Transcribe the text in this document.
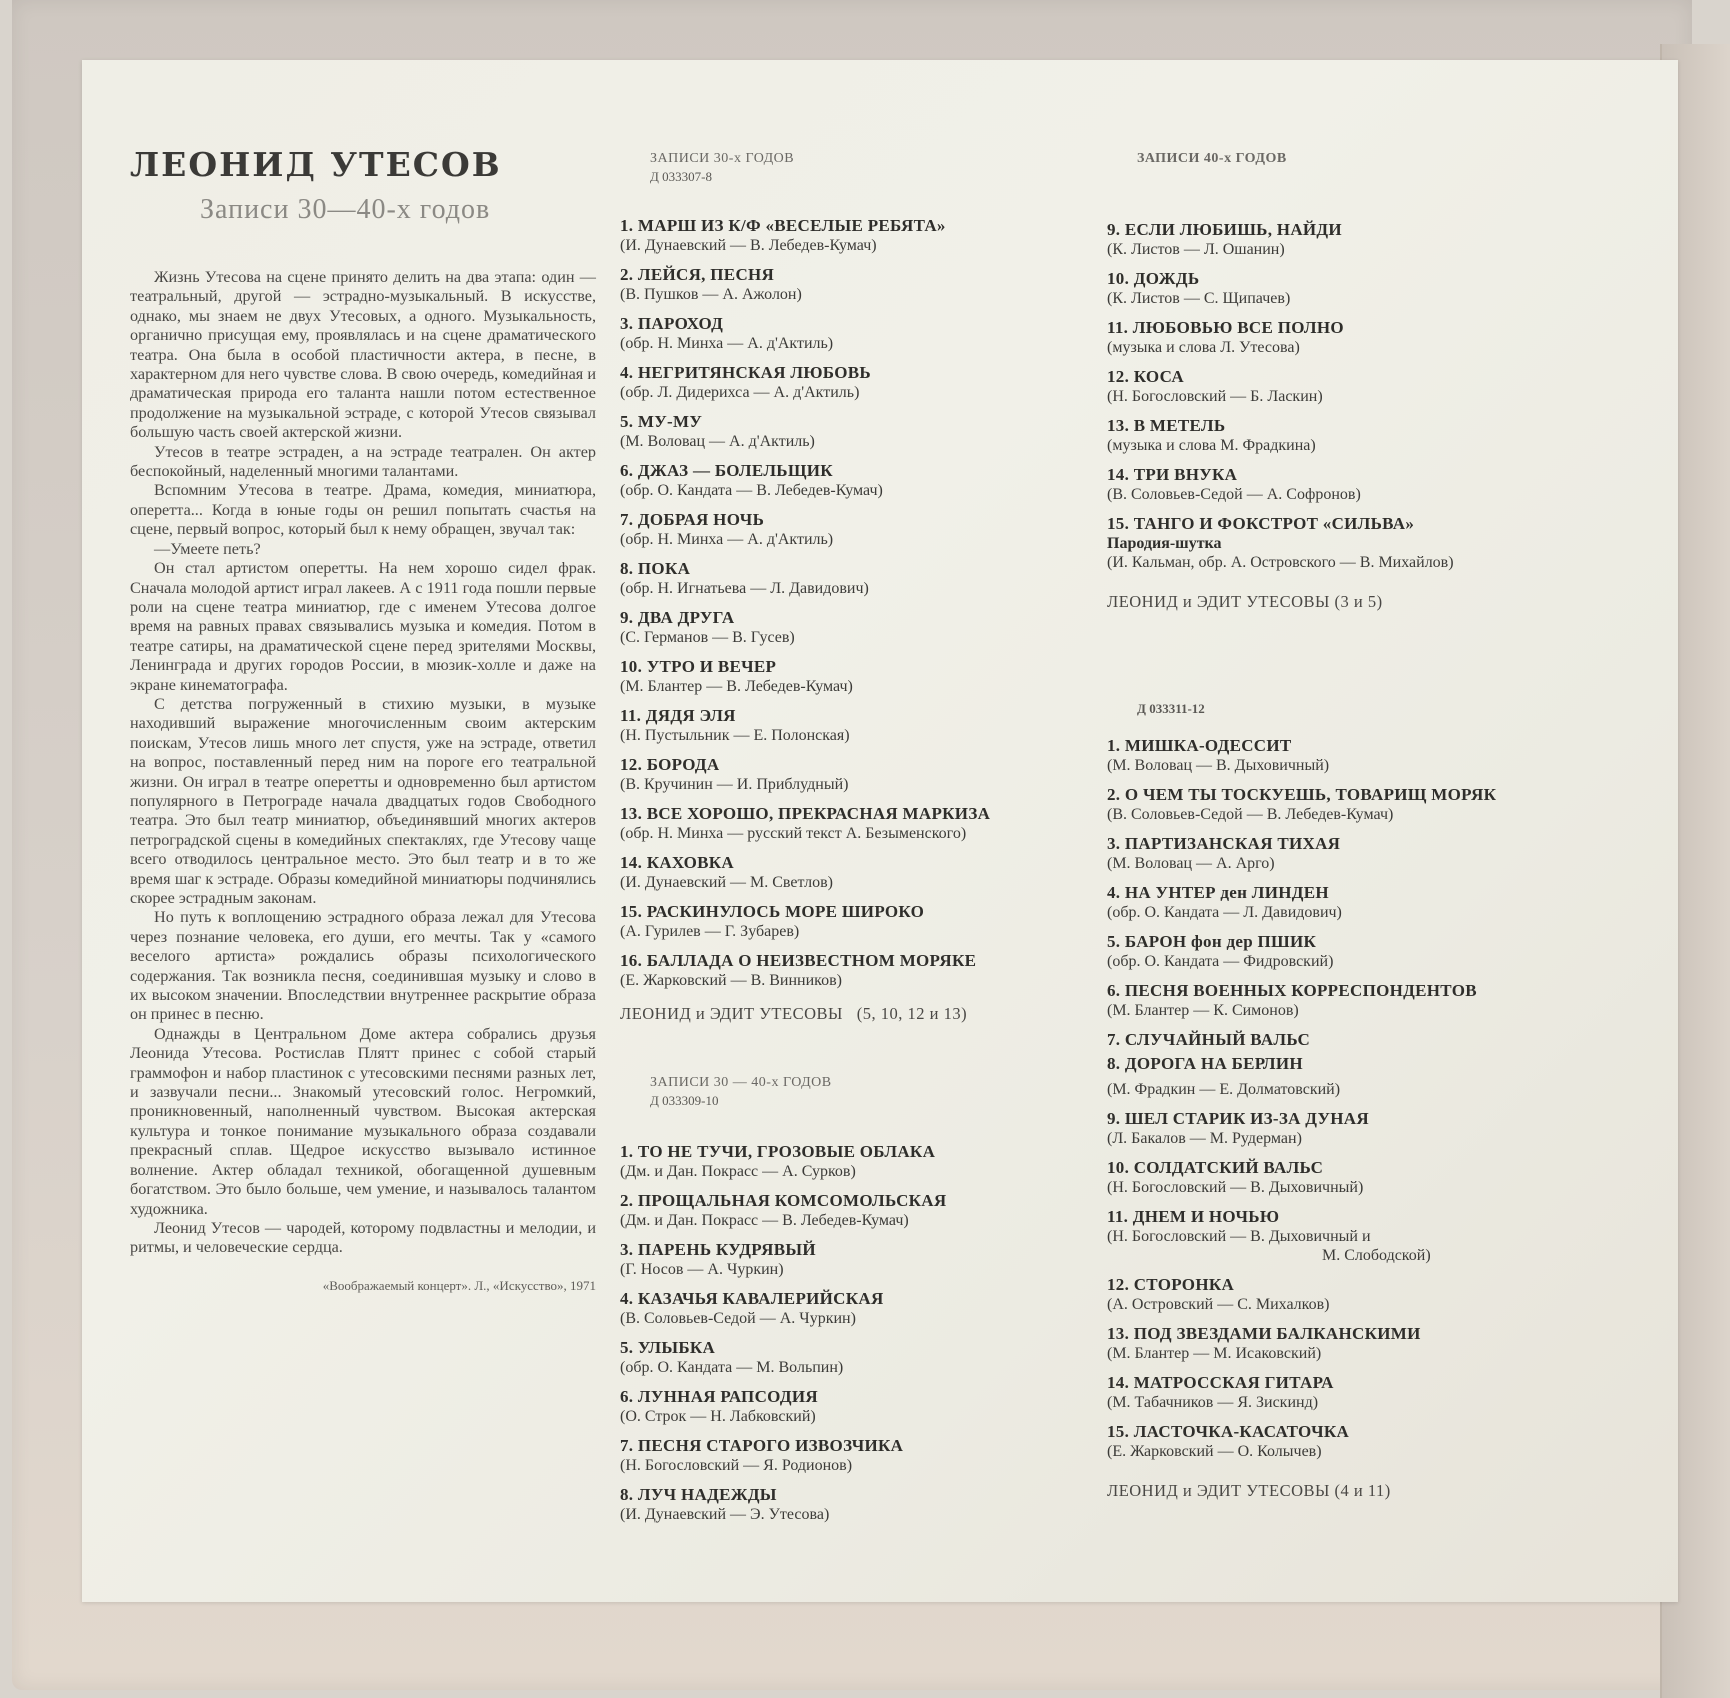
ЛЕОНИД УТЕСОВ
Записи 30—40-х годов

Жизнь Утесова на сцене принято делить на два этапа: один — театральный, другой — эстрадно-музыкальный. В искусстве, однако, мы знаем не двух Утесовых, а одного. Музыкальность, органично присущая ему, проявлялась и на сцене драматического театра. Она была в особой пластичности актера, в песне, в характерном для него чувстве слова. В свою очередь, комедийная и драматическая природа его таланта нашли потом естественное продолжение на музыкальной эстраде, с которой Утесов связывал большую часть своей актерской жизни.

Утесов в театре эстраден, а на эстраде театрален. Он актер беспокойный, наделенный многими талантами.

Вспомним Утесова в театре. Драма, комедия, миниатюра, оперетта... Когда в юные годы он решил попытать счастья на сцене, первый вопрос, который был к нему обращен, звучал так:

—Умеете петь?

Он стал артистом оперетты. На нем хорошо сидел фрак. Сначала молодой артист играл лакеев. А с 1911 года пошли первые роли на сцене театра миниатюр, где с именем Утесова долгое время на равных правах связывались музыка и комедия. Потом в театре сатиры, на драматической сцене перед зрителями Москвы, Ленинграда и других городов России, в мюзик-холле и даже на экране кинематографа.

С детства погруженный в стихию музыки, в музыке находивший выражение многочисленным своим актерским поискам, Утесов лишь много лет спустя, уже на эстраде, ответил на вопрос, поставленный перед ним на пороге его театральной жизни. Он играл в театре оперетты и одновременно был артистом популярного в Петрограде начала двадцатых годов Свободного театра. Это был театр миниатюр, объединявший многих актеров петроградской сцены в комедийных спектаклях, где Утесову чаще всего отводилось центральное место. Это был театр и в то же время шаг к эстраде. Образы комедийной миниатюры подчинялись скорее эстрадным законам.

Но путь к воплощению эстрадного образа лежал для Утесова через познание человека, его души, его мечты. Так у «самого веселого артиста» рождались образы психологического содержания. Так возникла песня, соединившая музыку и слово в их высоком значении. Впоследствии внутреннее раскрытие образа он принес в песню.

Однажды в Центральном Доме актера собрались друзья Леонида Утесова. Ростислав Плятт принес с собой старый граммофон и набор пластинок с утесовскими песнями разных лет, и зазвучали песни... Знакомый утесовский голос. Негромкий, проникновенный, наполненный чувством. Высокая актерская культура и тонкое понимание музыкального образа создавали прекрасный сплав. Щедрое искусство вызывало истинное волнение. Актер обладал техникой, обогащенной душевным богатством. Это было больше, чем умение, и называлось талантом художника.

Леонид Утесов — чародей, которому подвластны и мелодии, и ритмы, и человеческие сердца.

«Воображаемый концерт». Л., «Искусство», 1971
ЗАПИСИ 30-х ГОДОВ
Д 033307-8
1. МАРШ ИЗ К/Ф «ВЕСЕЛЫЕ РЕБЯТА»
(И. Дунаевский — В. Лебедев-Кумач)
2. ЛЕЙСЯ, ПЕСНЯ
(В. Пушков — А. Ажолон)
3. ПАРОХОД
(обр. Н. Минха — А. д'Актиль)
4. НЕГРИТЯНСКАЯ ЛЮБОВЬ
(обр. Л. Дидерихса — А. д'Актиль)
5. МУ-МУ
(М. Воловац — А. д'Актиль)
6. ДЖАЗ — БОЛЕЛЬЩИК
(обр. О. Кандата — В. Лебедев-Кумач)
7. ДОБРАЯ НОЧЬ
(обр. Н. Минха — А. д'Актиль)
8. ПОКА
(обр. Н. Игнатьева — Л. Давидович)
9. ДВА ДРУГА
(С. Германов — В. Гусев)
10. УТРО И ВЕЧЕР
(М. Блантер — В. Лебедев-Кумач)
11. ДЯДЯ ЭЛЯ
(Н. Пустыльник — Е. Полонская)
12. БОРОДА
(В. Кручинин — И. Приблудный)
13. ВСЕ ХОРОШО, ПРЕКРАСНАЯ МАРКИЗА
(обр. Н. Минха — русский текст А. Безыменского)
14. КАХОВКА
(И. Дунаевский — М. Светлов)
15. РАСКИНУЛОСЬ МОРЕ ШИРОКО
(А. Гурилев — Г. Зубарев)
16. БАЛЛАДА О НЕИЗВЕСТНОМ МОРЯКЕ
(Е. Жарковский — В. Винников)
ЛЕОНИД и ЭДИТ УТЕСОВЫ   (5, 10, 12 и 13)
ЗАПИСИ 30 — 40-х ГОДОВ
Д 033309-10
1. ТО НЕ ТУЧИ, ГРОЗОВЫЕ ОБЛАКА
(Дм. и Дан. Покрасс — А. Сурков)
2. ПРОЩАЛЬНАЯ КОМСОМОЛЬСКАЯ
(Дм. и Дан. Покрасс — В. Лебедев-Кумач)
3. ПАРЕНЬ КУДРЯВЫЙ
(Г. Носов — А. Чуркин)
4. КАЗАЧЬЯ КАВАЛЕРИЙСКАЯ
(В. Соловьев-Седой — А. Чуркин)
5. УЛЫБКА
(обр. О. Кандата — М. Вольпин)
6. ЛУННАЯ РАПСОДИЯ
(О. Строк — Н. Лабковский)
7. ПЕСНЯ СТАРОГО ИЗВОЗЧИКА
(Н. Богословский — Я. Родионов)
8. ЛУЧ НАДЕЖДЫ
(И. Дунаевский — Э. Утесова)
ЗАПИСИ 40-х ГОДОВ
9. ЕСЛИ ЛЮБИШЬ, НАЙДИ
(К. Листов — Л. Ошанин)
10. ДОЖДЬ
(К. Листов — С. Щипачев)
11. ЛЮБОВЬЮ ВСЕ ПОЛНО
(музыка и слова Л. Утесова)
12. КОСА
(Н. Богословский — Б. Ласкин)
13. В МЕТЕЛЬ
(музыка и слова М. Фрадкина)
14. ТРИ ВНУКА
(В. Соловьев-Седой — А. Софронов)
15. ТАНГО И ФОКСТРОТ «СИЛЬВА»
Пародия-шутка
(И. Кальман, обр. А. Островского — В. Михайлов)
ЛЕОНИД и ЭДИТ УТЕСОВЫ (3 и 5)
Д 033311-12
1. МИШКА-ОДЕССИТ
(М. Воловац — В. Дыховичный)
2. О ЧЕМ ТЫ ТОСКУЕШЬ, ТОВАРИЩ МОРЯК
(В. Соловьев-Седой — В. Лебедев-Кумач)
3. ПАРТИЗАНСКАЯ ТИХАЯ
(М. Воловац — А. Арго)
4. НА УНТЕР ден ЛИНДЕН
(обр. О. Кандата — Л. Давидович)
5. БАРОН фон дер ПШИК
(обр. О. Кандата — Фидровский)
6. ПЕСНЯ ВОЕННЫХ КОРРЕСПОНДЕНТОВ
(М. Блантер — К. Симонов)
7. СЛУЧАЙНЫЙ ВАЛЬС
8. ДОРОГА НА БЕРЛИН
(М. Фрадкин — Е. Долматовский)
9. ШЕЛ СТАРИК ИЗ-ЗА ДУНАЯ
(Л. Бакалов — М. Рудерман)
10. СОЛДАТСКИЙ ВАЛЬС
(Н. Богословский — В. Дыховичный)
11. ДНЕМ И НОЧЬЮ
(Н. Богословский — В. Дыховичный и
М. Слободской)
12. СТОРОНКА
(А. Островский — С. Михалков)
13. ПОД ЗВЕЗДАМИ БАЛКАНСКИМИ
(М. Блантер — М. Исаковский)
14. МАТРОССКАЯ ГИТАРА
(М. Табачников — Я. Зискинд)
15. ЛАСТОЧКА-КАСАТОЧКА
(Е. Жарковский — О. Колычев)
ЛЕОНИД и ЭДИТ УТЕСОВЫ (4 и 11)
